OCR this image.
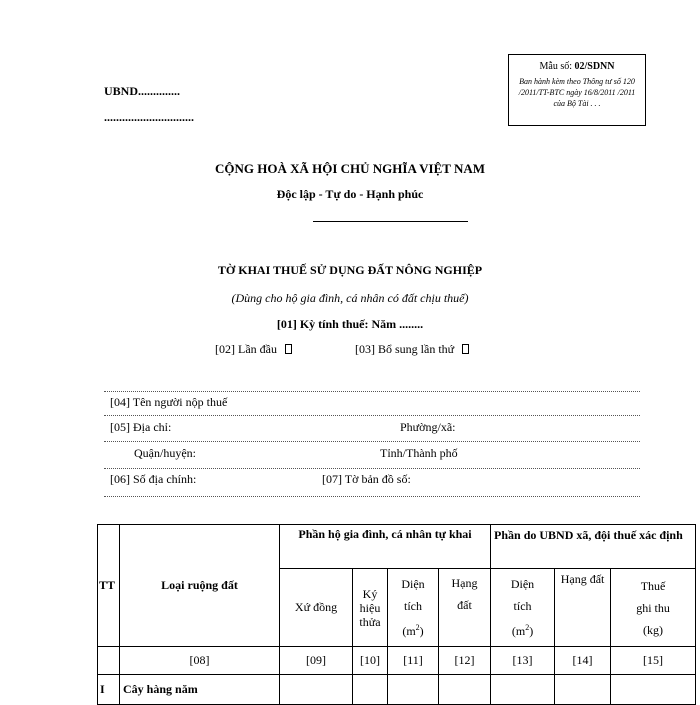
UBND..............
..............................
Mẫu số: 02/SDNN
Ban hành kèm theo Thông tư số 120 /2011/TT-BTC ngày 16/8/2011 /2011 của Bộ Tài . . .
CỘNG HOÀ XÃ HỘI CHỦ NGHĨA VIỆT NAM
Độc lập - Tự do - Hạnh phúc
TỜ KHAI THUẾ SỬ DỤNG ĐẤT NÔNG NGHIỆP
(Dùng cho hộ gia đình, cá nhân có đất chịu thuế)
[01] Kỳ tính thuế: Năm ........
[02] Lần đầu	[03] Bổ sung lần thứ
[04] Tên người nộp thuế
[05] Địa chỉ:	Phường/xã:
Quận/huyện:	Tỉnh/Thành phố
[06] Số địa chính:	[07] Tờ bản đồ số:
TT	Loại ruộng đất	Phần hộ gia đình, cá nhân tự khai				Phần do UBND xã, đội thuế xác định		
		Xứ đồng	Ký
hiệu
thửa	Diện
tích
$(m^2)$	Hạng
đất	Diện
tích
$(m^2)$	Hạng đất	Thuế
ghi thu
(kg)
	[08]	[09]	[10]	[11]	[12]	[13]	[14]	[15]
I	Cây hàng năm							
